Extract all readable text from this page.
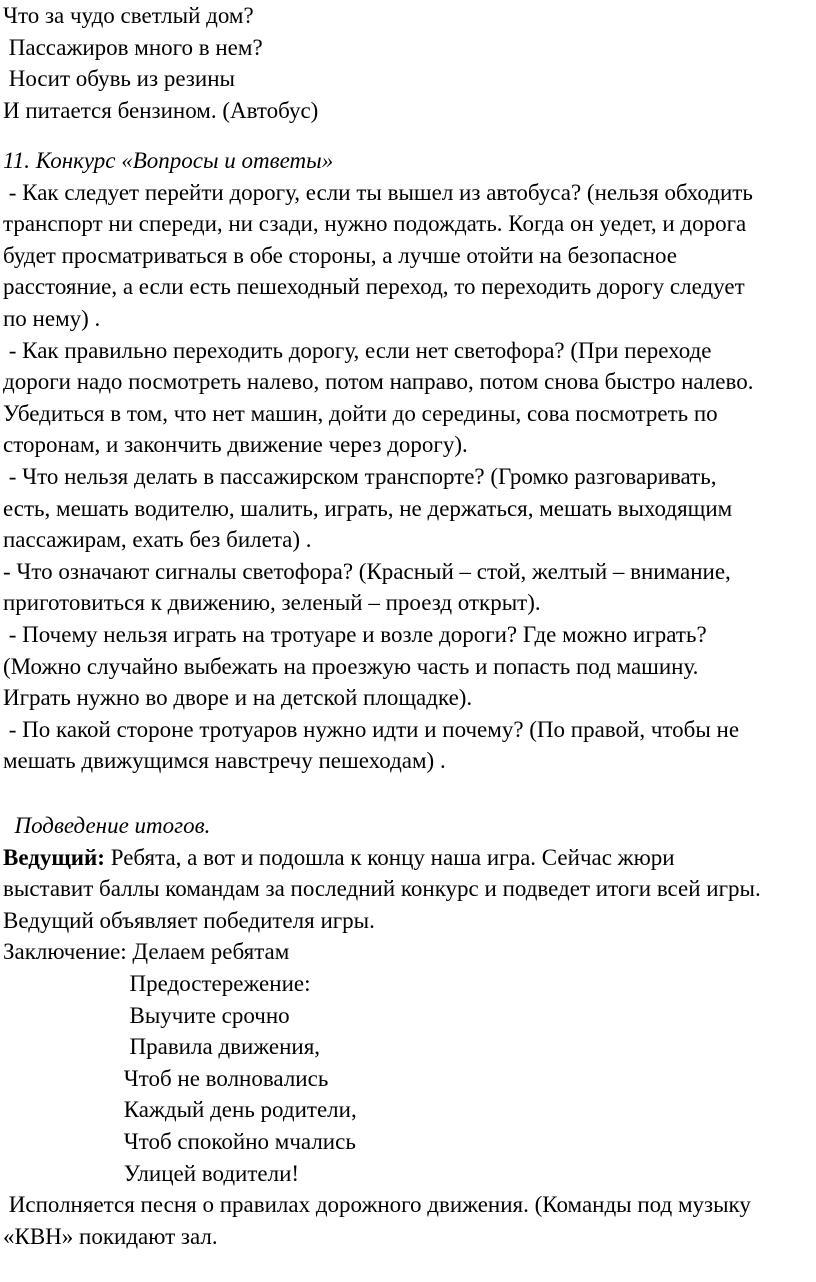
Что за чудо светлый дом?
Пассажиров много в нем?
Носит обувь из резины
И питается бензином. (Автобус)
11. Конкурс «Вопросы и ответы»
- Как следует перейти дорогу, если ты вышел из автобуса? (нельзя обходить
транспорт ни спереди, ни сзади, нужно подождать. Когда он уедет, и дорога
будет просматриваться в обе стороны, а лучше отойти на безопасное
расстояние, а если есть пешеходный переход, то переходить дорогу следует
по нему) .
- Как правильно переходить дорогу, если нет светофора? (При переходе
дороги надо посмотреть налево, потом направо, потом снова быстро налево.
Убедиться в том, что нет машин, дойти до середины, сова посмотреть по
сторонам, и закончить движение через дорогу).
- Что нельзя делать в пассажирском транспорте? (Громко разговаривать,
есть, мешать водителю, шалить, играть, не держаться, мешать выходящим
пассажирам, ехать без билета) .
- Что означают сигналы светофора? (Красный – стой, желтый – внимание,
приготовиться к движению, зеленый – проезд открыт).
- Почему нельзя играть на тротуаре и возле дороги? Где можно играть?
(Можно случайно выбежать на проезжую часть и попасть под машину.
Играть нужно во дворе и на детской площадке).
- По какой стороне тротуаров нужно идти и почему? (По правой, чтобы не
мешать движущимся навстречу пешеходам) .
Подведение итогов.
Ведущий: Ребята, а вот и подошла к концу наша игра. Сейчас жюри
выставит баллы командам за последний конкурс и подведет итоги всей игры.
Ведущий объявляет победителя игры.
Заключение: Делаем ребятам
Предостережение:
Выучите срочно
Правила движения,
Чтоб не волновались
Каждый день родители,
Чтоб спокойно мчались
Улицей водители!
Исполняется песня о правилах дорожного движения. (Команды под музыку
«КВН» покидают зал.
